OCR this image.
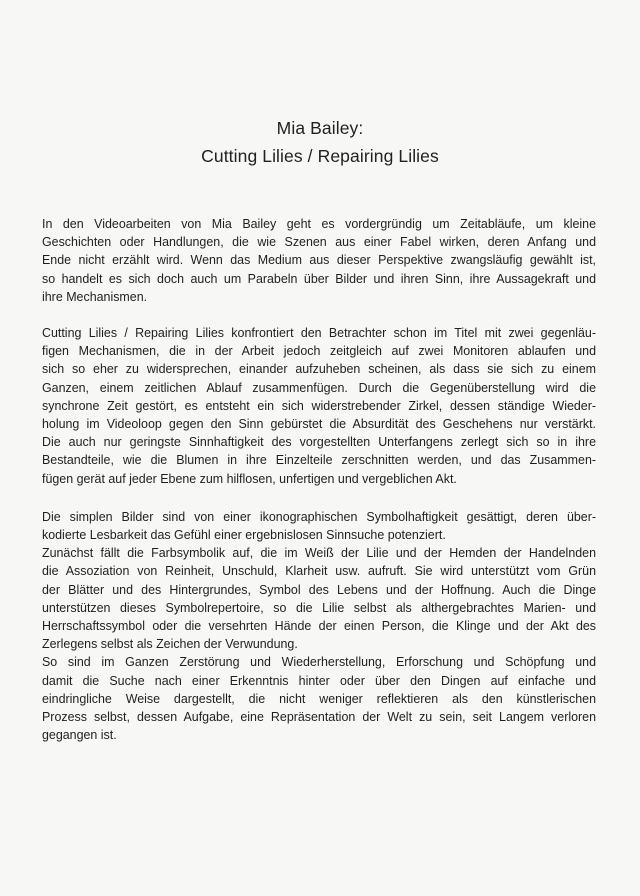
Mia Bailey:
Cutting Lilies / Repairing Lilies

In den Videoarbeiten von Mia Bailey geht es vordergründig um Zeitabläufe, um kleine
Geschichten oder Handlungen, die wie Szenen aus einer Fabel wirken, deren Anfang und
Ende nicht erzählt wird. Wenn das Medium aus dieser Perspektive zwangsläufig gewählt ist,
so handelt es sich doch auch um Parabeln über Bilder und ihren Sinn, ihre Aussagekraft und
ihre Mechanismen.

Cutting Lilies / Repairing Lilies konfrontiert den Betrachter schon im Titel mit zwei gegenläu-
figen Mechanismen, die in der Arbeit jedoch zeitgleich auf zwei Monitoren ablaufen und
sich so eher zu widersprechen, einander aufzuheben scheinen, als dass sie sich zu einem
Ganzen, einem zeitlichen Ablauf zusammenfügen. Durch die Gegenüberstellung wird die
synchrone Zeit gestört, es entsteht ein sich widerstrebender Zirkel, dessen ständige Wieder-
holung im Videoloop gegen den Sinn gebürstet die Absurdität des Geschehens nur verstärkt.
Die auch nur geringste Sinnhaftigkeit des vorgestellten Unterfangens zerlegt sich so in ihre
Bestandteile, wie die Blumen in ihre Einzelteile zerschnitten werden, und das Zusammen-
fügen gerät auf jeder Ebene zum hilflosen, unfertigen und vergeblichen Akt.

Die simplen Bilder sind von einer ikonographischen Symbolhaftigkeit gesättigt, deren über-
kodierte Lesbarkeit das Gefühl einer ergebnislosen Sinnsuche potenziert.

Zunächst fällt die Farbsymbolik auf, die im Weiß der Lilie und der Hemden der Handelnden
die Assoziation von Reinheit, Unschuld, Klarheit usw. aufruft. Sie wird unterstützt vom Grün
der Blätter und des Hintergrundes, Symbol des Lebens und der Hoffnung. Auch die Dinge
unterstützen dieses Symbolrepertoire, so die Lilie selbst als althergebrachtes Marien- und
Herrschaftssymbol oder die versehrten Hände der einen Person, die Klinge und der Akt des
Zerlegens selbst als Zeichen der Verwundung.

So sind im Ganzen Zerstörung und Wiederherstellung, Erforschung und Schöpfung und
damit die Suche nach einer Erkenntnis hinter oder über den Dingen auf einfache und
eindringliche Weise dargestellt, die nicht weniger reflektieren als den künstlerischen
Prozess selbst, dessen Aufgabe, eine Repräsentation der Welt zu sein, seit Langem verloren
gegangen ist.
